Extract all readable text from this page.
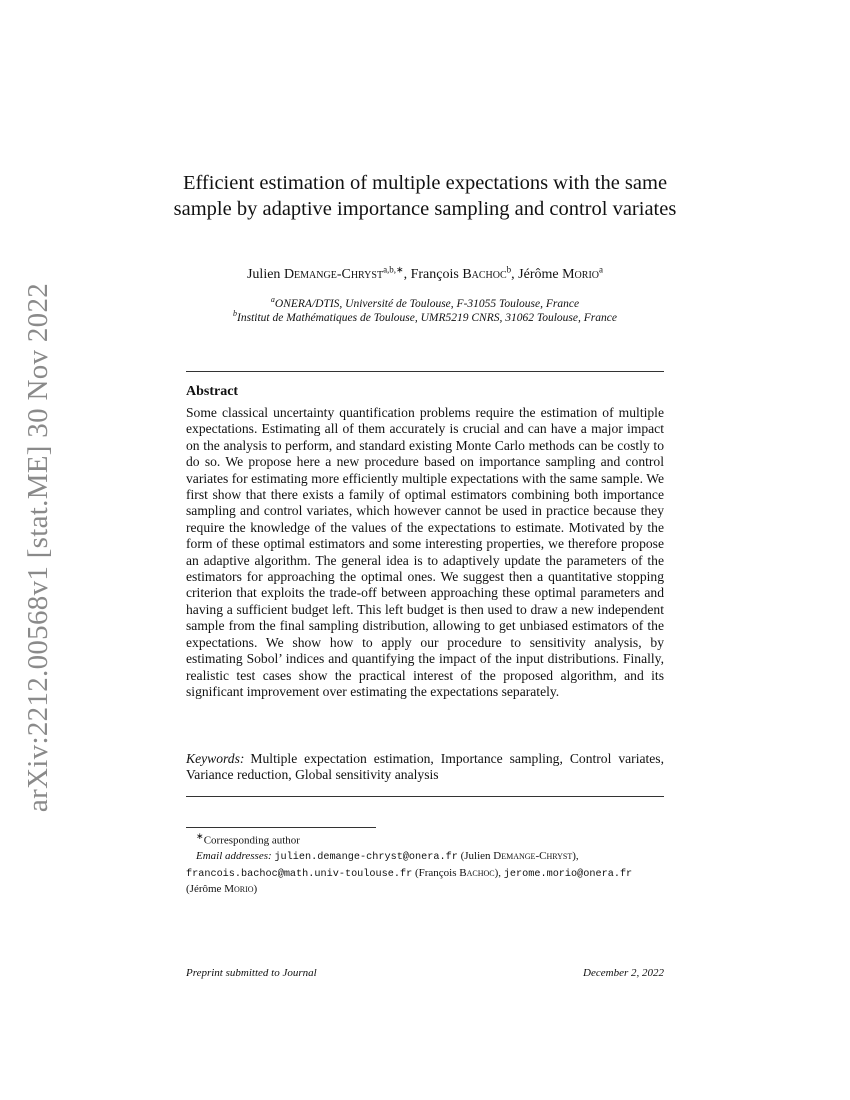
arXiv:2212.00568v1 [stat.ME] 30 Nov 2022
Efficient estimation of multiple expectations with the same sample by adaptive importance sampling and control variates
Julien Demange-Chryst$^{a,b,∗}$, François Bachoc$^b$, Jérôme Morio$^a$
$^a$ONERA/DTIS, Université de Toulouse, F-31055 Toulouse, France
$^b$Institut de Mathématiques de Toulouse, UMR5219 CNRS, 31062 Toulouse, France
Abstract

Some classical uncertainty quantification problems require the estimation of multiple expectations. Estimating all of them accurately is crucial and can have a major impact on the analysis to perform, and standard existing Monte Carlo methods can be costly to do so. We propose here a new procedure based on importance sampling and control variates for estimating more efficiently multiple expectations with the same sample. We first show that there exists a family of optimal estimators combining both importance sampling and control variates, which however cannot be used in practice because they require the knowledge of the values of the expectations to estimate. Motivated by the form of these optimal estimators and some interesting properties, we therefore propose an adaptive algorithm. The general idea is to adaptively update the parameters of the estimators for approaching the optimal ones. We suggest then a quantitative stopping criterion that exploits the trade-off between approaching these optimal parameters and having a sufficient budget left. This left budget is then used to draw a new independent sample from the final sampling distribution, allowing to get unbiased estimators of the expectations. We show how to apply our procedure to sensitivity analysis, by estimating Sobol’ indices and quantifying the impact of the input distributions. Finally, realistic test cases show the practical interest of the proposed algorithm, and its significant improvement over estimating the expectations separately.

Keywords: Multiple expectation estimation, Importance sampling, Control variates, Variance reduction, Global sensitivity analysis
∗Corresponding author
Email addresses: julien.demange-chryst@onera.fr (Julien Demange-Chryst),
francois.bachoc@math.univ-toulouse.fr (François Bachoc), jerome.morio@onera.fr
(Jérôme Morio)
Preprint submitted to Journal	December 2, 2022
